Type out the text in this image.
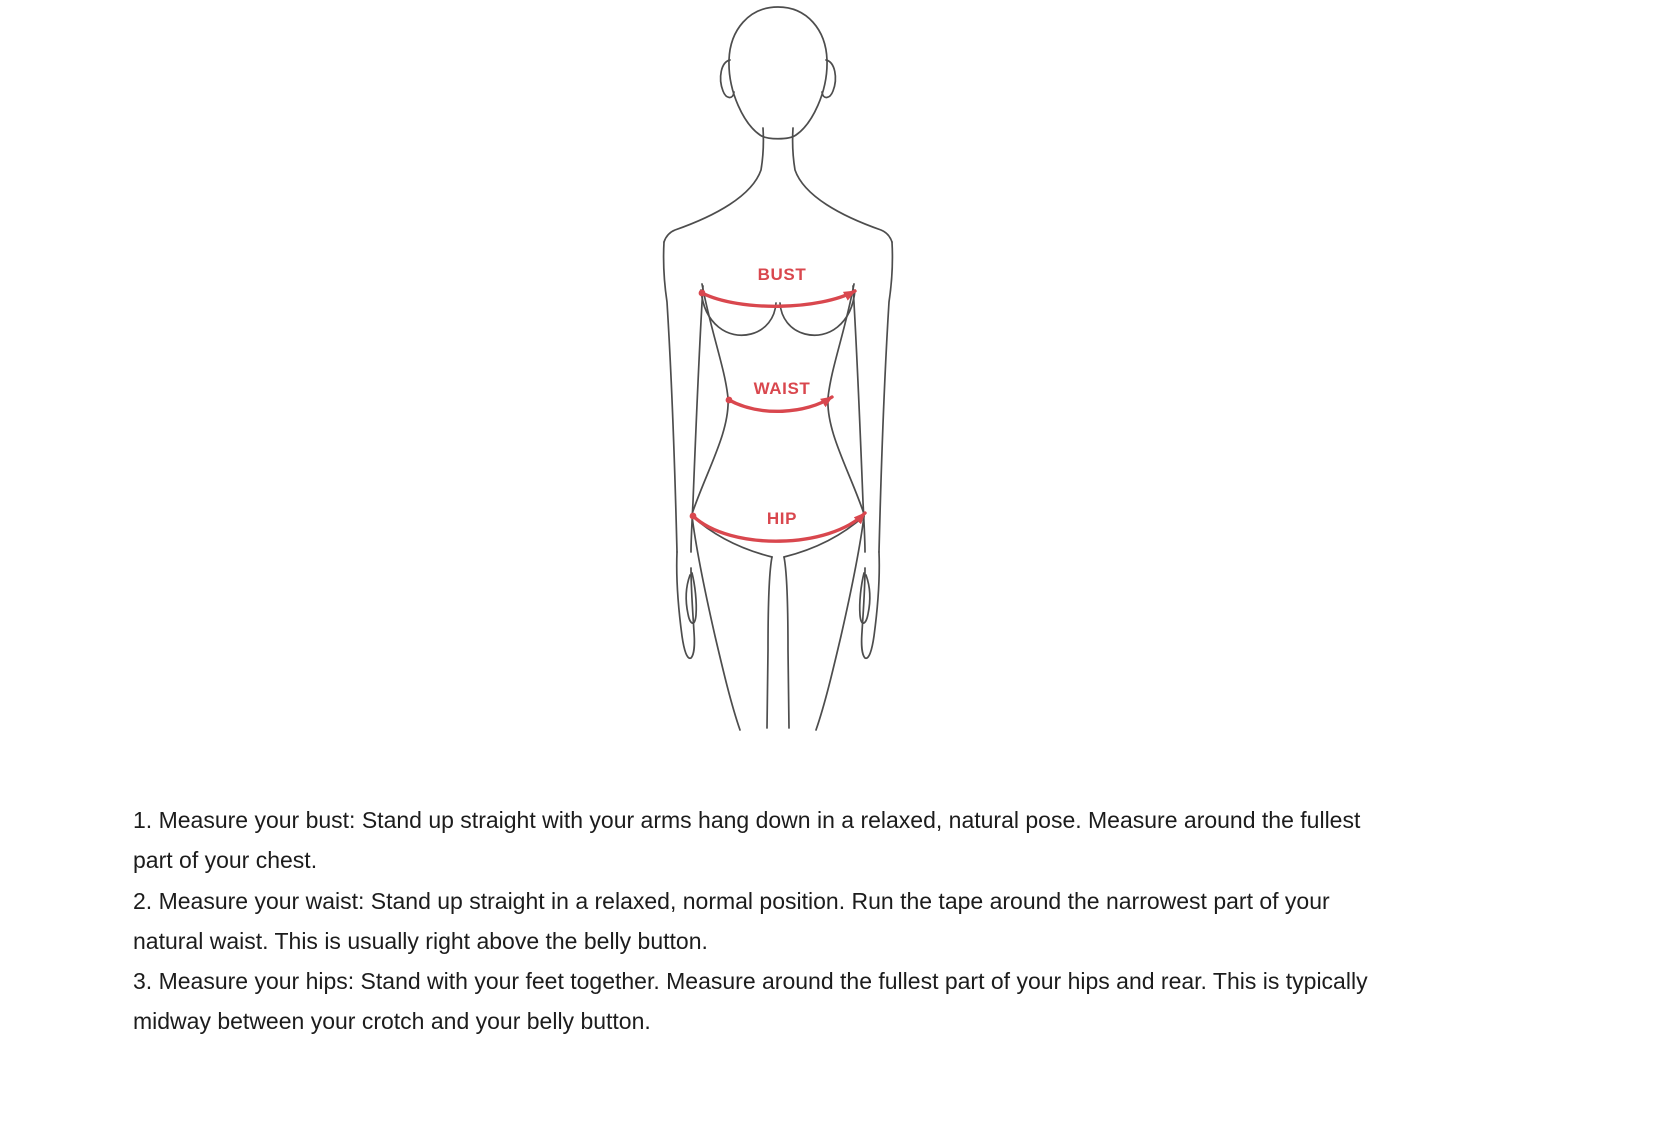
BUST
WAIST
HIP
1. Measure your bust: Stand up straight with your arms hang down in a relaxed, natural pose. Measure around the fullest
part of your chest.
2. Measure your waist: Stand up straight in a relaxed, normal position. Run the tape around the narrowest part of your
natural waist. This is usually right above the belly button.
3. Measure your hips: Stand with your feet together. Measure around the fullest part of your hips and rear. This is typically
midway between your crotch and your belly button.
